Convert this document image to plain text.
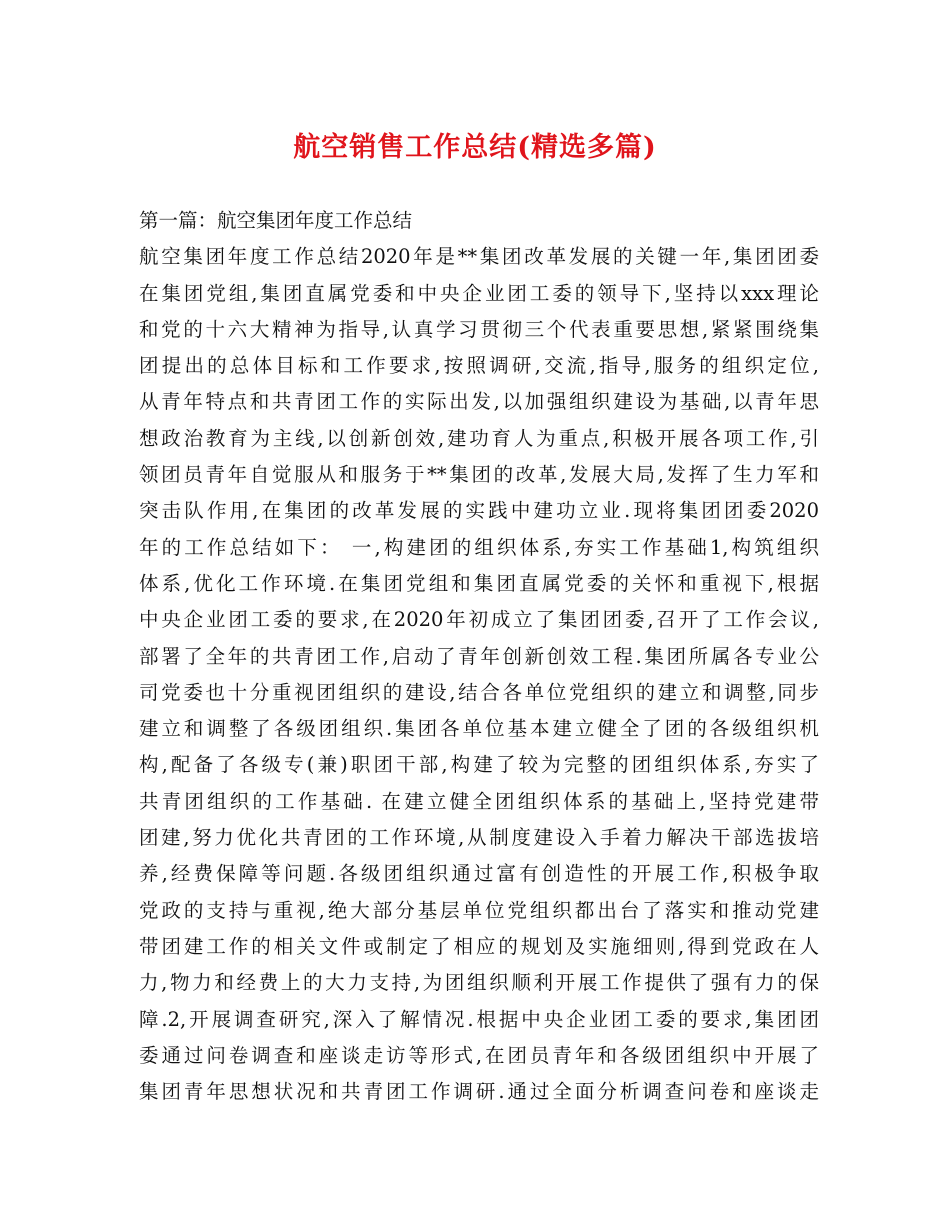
航空销售工作总结(精选多篇)
第一篇：航空集团年度工作总结
航空集团年度工作总结2020年是**集团改革发展的关键一年,集团团委
在集团党组,集团直属党委和中央企业团工委的领导下,坚持以xxx理论
和党的十六大精神为指导,认真学习贯彻三个代表重要思想,紧紧围绕集
团提出的总体目标和工作要求,按照调研,交流,指导,服务的组织定位,
从青年特点和共青团工作的实际出发,以加强组织建设为基础,以青年思
想政治教育为主线,以创新创效,建功育人为重点,积极开展各项工作,引
领团员青年自觉服从和服务于**集团的改革,发展大局,发挥了生力军和
突击队作用,在集团的改革发展的实践中建功立业.现将集团团委2020
年的工作总结如下： 一,构建团的组织体系,夯实工作基础1,构筑组织
体系,优化工作环境.在集团党组和集团直属党委的关怀和重视下,根据
中央企业团工委的要求,在2020年初成立了集团团委,召开了工作会议,
部署了全年的共青团工作,启动了青年创新创效工程.集团所属各专业公
司党委也十分重视团组织的建设,结合各单位党组织的建立和调整,同步
建立和调整了各级团组织.集团各单位基本建立健全了团的各级组织机
构,配备了各级专(兼)职团干部,构建了较为完整的团组织体系,夯实了
共青团组织的工作基础. 在建立健全团组织体系的基础上,坚持党建带
团建,努力优化共青团的工作环境,从制度建设入手着力解决干部选拔培
养,经费保障等问题.各级团组织通过富有创造性的开展工作,积极争取
党政的支持与重视,绝大部分基层单位党组织都出台了落实和推动党建
带团建工作的相关文件或制定了相应的规划及实施细则,得到党政在人
力,物力和经费上的大力支持,为团组织顺利开展工作提供了强有力的保
障.2,开展调查研究,深入了解情况.根据中央企业团工委的要求,集团团
委通过问卷调查和座谈走访等形式,在团员青年和各级团组织中开展了
集团青年思想状况和共青团工作调研.通过全面分析调查问卷和座谈走
